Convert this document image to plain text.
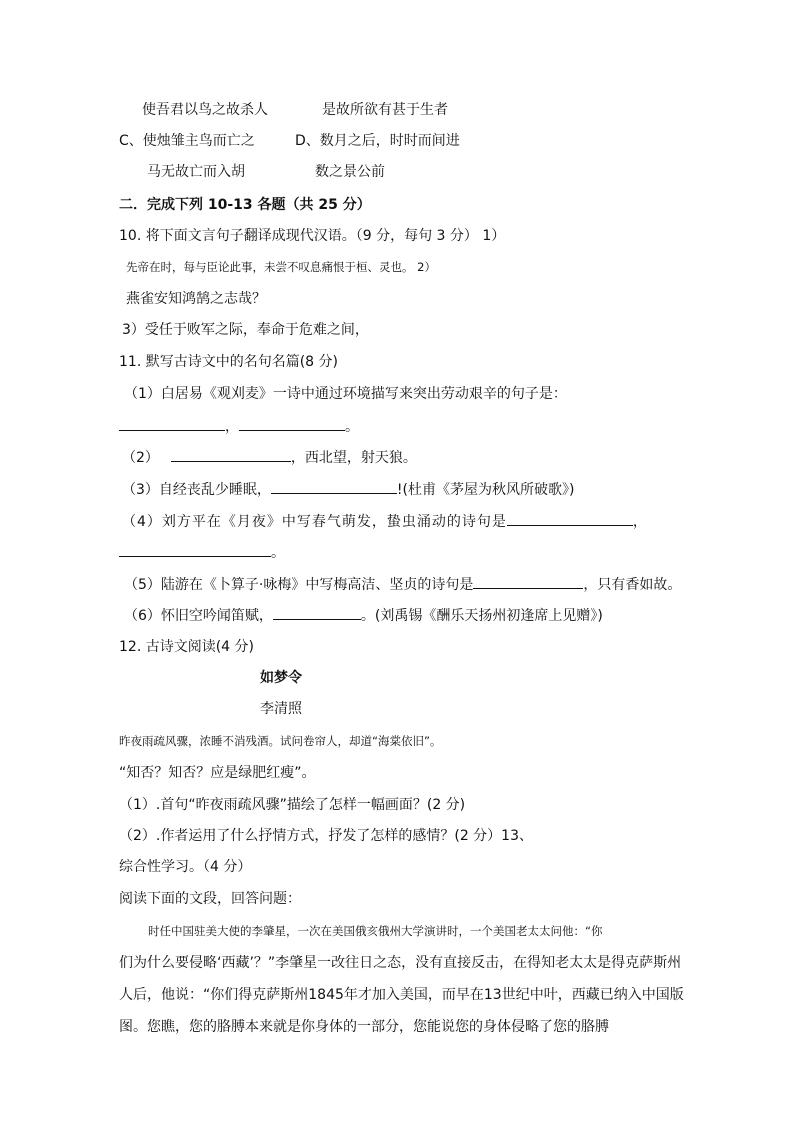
使吾君以鸟之故杀人	是故所欲有甚于生者
C、使烛雏主鸟而亡之	D、数月之后，时时而间进
马无故亡而入胡	数之景公前
二．完成下列 10-13 各题（共 25 分）
10. 将下面文言句子翻译成现代汉语。（9 分，每句 3 分） 1）
先帝在时，每与臣论此事，未尝不叹息痛恨于桓、灵也。 2）
燕雀安知鸿鹄之志哉？
3）受任于败军之际，奉命于危难之间，
11. 默写古诗文中的名句名篇(8 分)
（1）白居易《观刈麦》一诗中通过环境描写来突出劳动艰辛的句子是：
，	。
（2）	，西北望，射天狼。
（3）自经丧乱少睡眠，	!(杜甫《茅屋为秋风所破歌》)
（4）刘方平在《月夜》中写春气萌发，蛰虫涌动的诗句是	，
。
（5）陆游在《卜算子·咏梅》中写梅高洁、坚贞的诗句是	，只有香如故。
（6）怀旧空吟闻笛赋，	。(刘禹锡《酬乐天扬州初逢席上见赠》)
12. 古诗文阅读(4 分)
如梦令
李清照
昨夜雨疏风骤，浓睡不消残酒。试问卷帘人，却道“海棠依旧”。
“知否？知否？应是绿肥红瘦”。
（1）.首句“昨夜雨疏风骤”描绘了怎样一幅画面？(2 分)
（2）.作者运用了什么抒情方式，抒发了怎样的感情？(2 分）13、
综合性学习。（4 分）
阅读下面的文段，回答问题：
时任中国驻美大使的李肇星，一次在美国俄亥俄州大学演讲时，一个美国老太太问他：“你
们为什么要侵略‘西藏’？”李肇星一改往日之态，没有直接反击，在得知老太太是得克萨斯州
人后，他说：“你们得克萨斯州1845年才加入美国，而早在13世纪中叶，西藏已纳入中国版
图。您瞧，您的胳膊本来就是你身体的一部分，您能说您的身体侵略了您的胳膊
